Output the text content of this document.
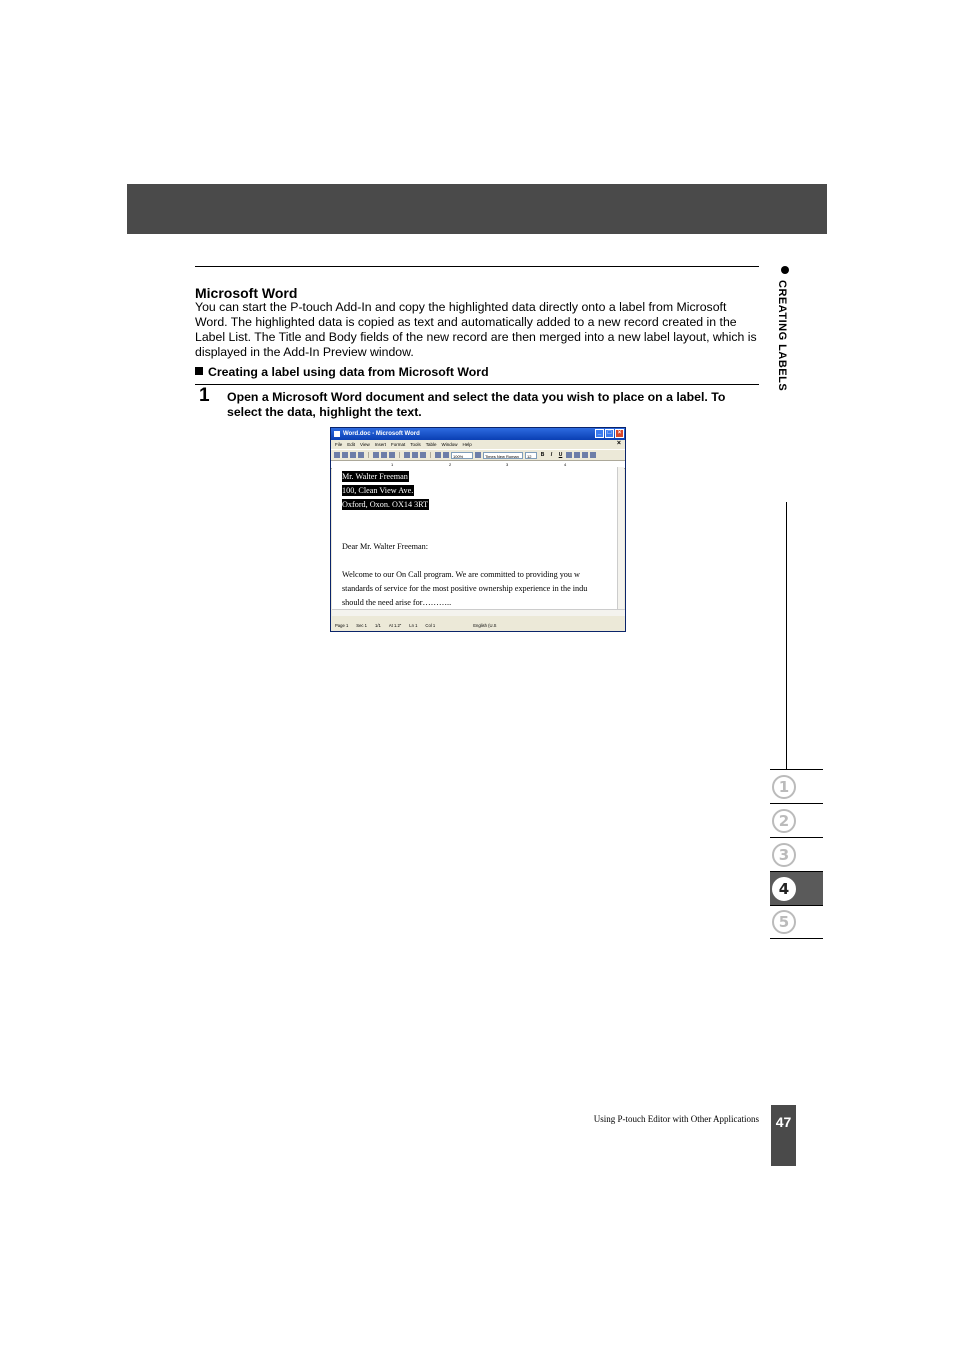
Microsoft Word
You can start the P-touch Add-In and copy the highlighted data directly onto a label from Microsoft Word. The highlighted data is copied as text and automatically added to a new record created in the Label List. The Title and Body fields of the new record are then merged into a new label layout, which is displayed in the Add-In Preview window.
Creating a label using data from Microsoft Word
1 Open a Microsoft Word document and select the data you wish to place on a label. To select the data, highlight the text.
Word.doc - Microsoft Word	_	□	×
File Edit View Insert Format Tools Table Window Help	×
100%	Times New Roman	12	B	I	U
1	2	3	4
Mr. Walter Freeman
100, Clean View Ave.
Oxford, Oxon. OX14 3RT
Dear Mr. Walter Freeman:
Welcome to our On Call program. We are committed to providing you w
standards of service for the most positive ownership experience in the indu
should the need arise for………..
Page 1 Sec 1 1/1 At 1.2" Ln 1 Col 1	English (U.S
CREATING LABELS
1
2
3
4
5
Using P-touch Editor with Other Applications	47
